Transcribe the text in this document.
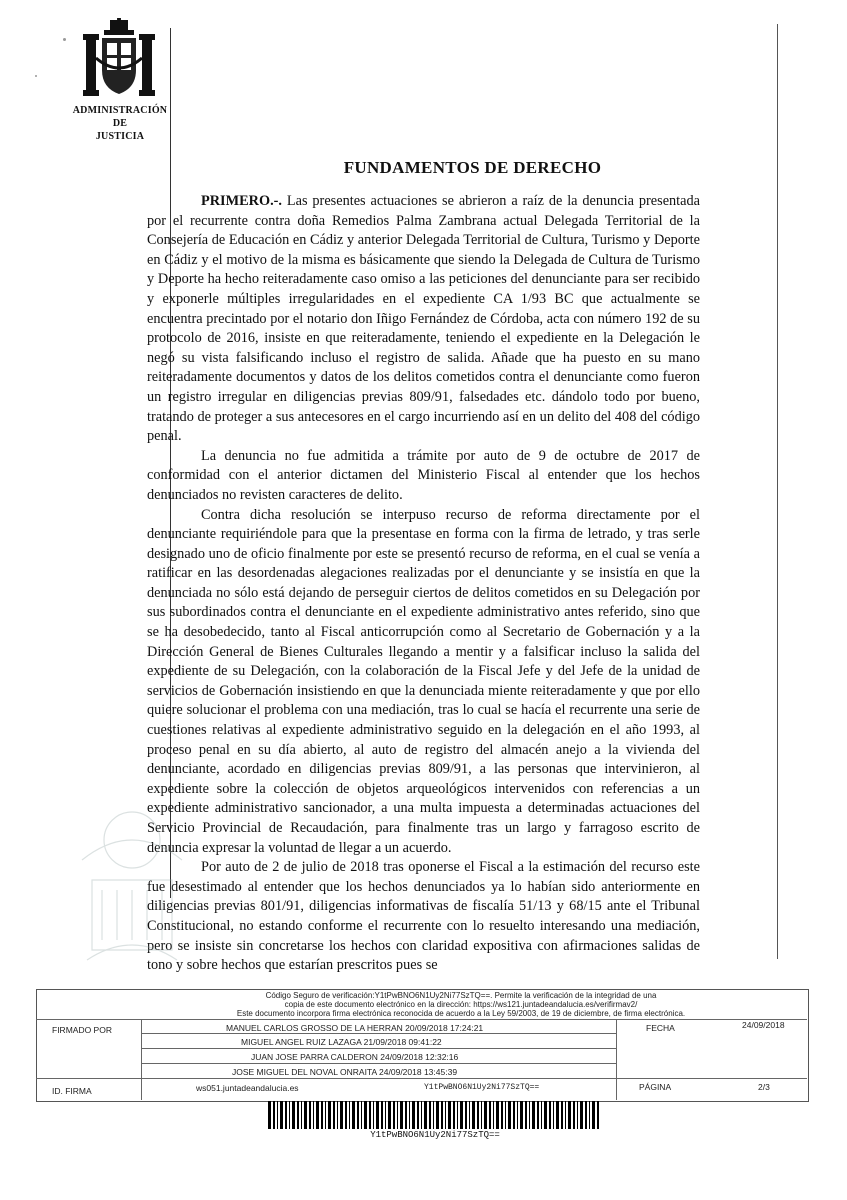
ADMINISTRACIÓN
DE
JUSTICIA
FUNDAMENTOS DE DERECHO

PRIMERO.-. Las presentes actuaciones se abrieron a raíz de la denuncia presentada por el recurrente contra doña Remedios Palma Zambrana actual Delegada Territorial de la Consejería de Educación en Cádiz y anterior Delegada Territorial de Cultura, Turismo y Deporte en Cádiz y el motivo de la misma es básicamente que siendo la Delegada de Cultura de Turismo y Deporte ha hecho reiteradamente caso omiso a las peticiones del denunciante para ser recibido y exponerle múltiples irregularidades en el expediente CA 1/93 BC que actualmente se encuentra precintado por el notario don Iñigo Fernández de Córdoba, acta con número 192 de su protocolo de 2016, insiste en que reiteradamente, teniendo el expediente en la Delegación le negó su vista falsificando incluso el registro de salida. Añade que ha puesto en su mano reiteradamente documentos y datos de los delitos cometidos contra el denunciante como fueron un registro irregular en diligencias previas 809/91, falsedades etc. dándolo todo por bueno, tratando de proteger a sus antecesores en el cargo incurriendo así en un delito del 408 del código penal.

La denuncia no fue admitida a trámite por auto de 9 de octubre de 2017 de conformidad con el anterior dictamen del Ministerio Fiscal al entender que los hechos denunciados no revisten caracteres de delito.

Contra dicha resolución se interpuso recurso de reforma directamente por el denunciante requiriéndole para que la presentase en forma con la firma de letrado, y tras serle designado uno de oficio finalmente por este se presentó recurso de reforma, en el cual se venía a ratificar en las desordenadas alegaciones realizadas por el denunciante y se insistía en que la denunciada no sólo está dejando de perseguir ciertos de delitos cometidos en su Delegación por sus subordinados contra el denunciante en el expediente administrativo antes referido, sino que se ha desobedecido, tanto al Fiscal anticorrupción como al Secretario de Gobernación y a la Dirección General de Bienes Culturales llegando a mentir y a falsificar incluso la salida del expediente de su Delegación, con la colaboración de la Fiscal Jefe y del Jefe de la unidad de servicios de Gobernación insistiendo en que la denunciada miente reiteradamente y que por ello quiere solucionar el problema con una mediación, tras lo cual se hacía el recurrente una serie de cuestiones relativas al expediente administrativo seguido en la delegación en el año 1993, al proceso penal en su día abierto, al auto de registro del almacén anejo a la vivienda del denunciante, acordado en diligencias previas 809/91, a las personas que intervinieron, al expediente sobre la colección de objetos arqueológicos intervenidos con referencias a un expediente administrativo sancionador, a una multa impuesta a determinadas actuaciones del Servicio Provincial de Recaudación, para finalmente tras un largo y farragoso escrito de denuncia expresar la voluntad de llegar a un acuerdo.

Por auto de 2 de julio de 2018 tras oponerse el Fiscal a la estimación del recurso este fue desestimado al entender que los hechos denunciados ya lo habían sido anteriormente en diligencias previas 801/91, diligencias informativas de fiscalía 51/13 y 68/15 ante el Tribunal Constitucional, no estando conforme el recurrente con lo resuelto interesando una mediación, pero se insiste sin concretarse los hechos con claridad expositiva con afirmaciones salidas de tono y sobre hechos que estarían prescritos pues se

Código Seguro de verificación:Y1tPwBNO6N1Uy2Ni77SzTQ==. Permite la verificación de la integridad de una
copia de este documento electrónico en la dirección: https://ws121.juntadeandalucia.es/verifirmav2/
Este documento incorpora firma electrónica reconocida de acuerdo a la Ley 59/2003, de 19 de diciembre, de firma electrónica.
FIRMADO POR	MANUEL CARLOS GROSSO DE LA HERRAN 20/09/2018 17:24:21
MIGUEL ANGEL RUIZ LAZAGA 21/09/2018 09:41:22
JUAN JOSE PARRA CALDERON 24/09/2018 12:32:16
JOSE MIGUEL DEL NOVAL ONRAITA 24/09/2018 13:45:39
FECHA	24/09/2018
ID. FIRMA	ws051.juntadeandalucia.es	Y1tPwBNO6N1Uy2Ni77SzTQ==	PÁGINA	2/3
Y1tPwBNO6N1Uy2Ni77SzTQ==
